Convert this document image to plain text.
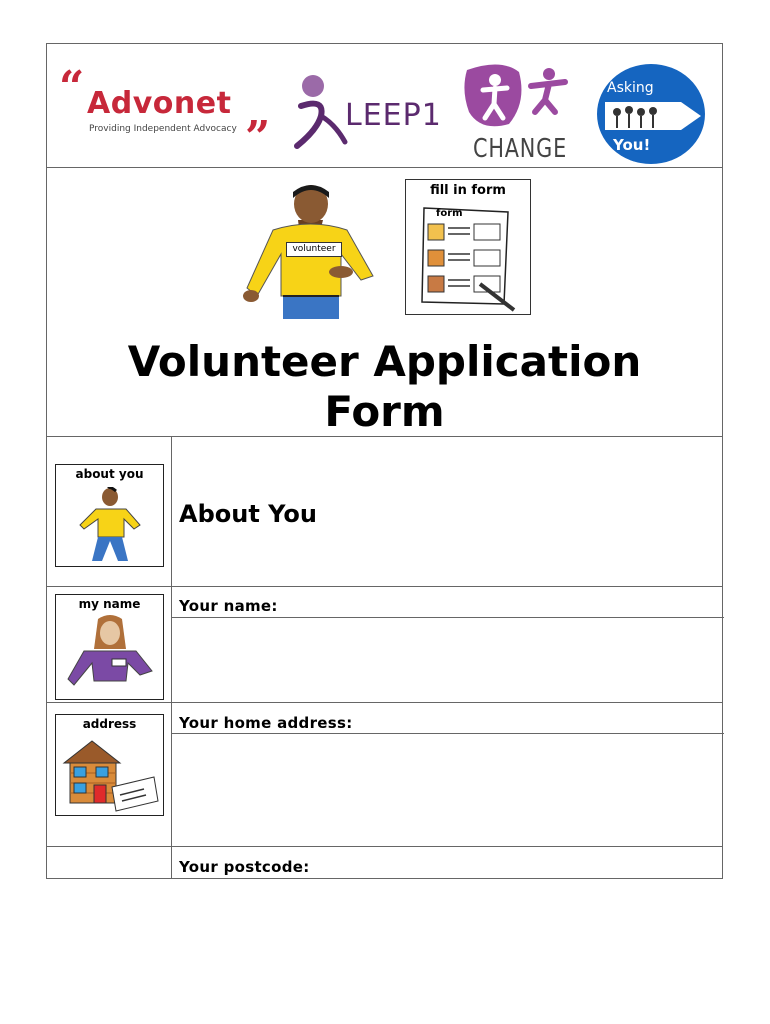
“ Advonet
Providing Independent Advocacy ” LEEP1
CHANGE
Asking
You!
volunteer
fill in form
form
Volunteer Application
Form
about you
About You
my name	Your name:
address	Your home address:
Your postcode:
